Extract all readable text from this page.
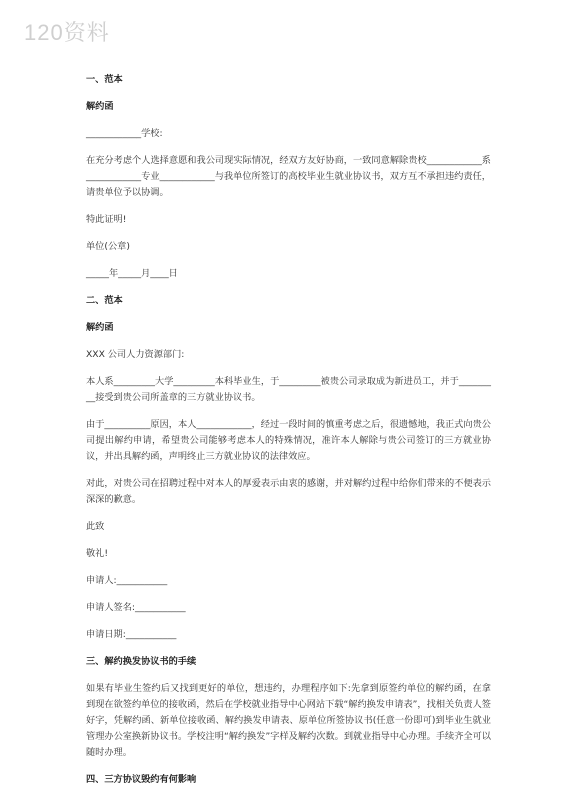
120资料
一、范本
解约函
____________学校:
在充分考虑个人选择意愿和我公司现实际情况，经双方友好协商，一致同意解除贵校____________系____________专业____________与我单位所签订的高校毕业生就业协议书，双方互不承担违约责任，请贵单位予以协调。
特此证明!
单位(公章)
_____年_____月____日
二、范本
解约函
XXX 公司人力资源部门:
本人系_________大学_________本科毕业生，于_________被贵公司录取成为新进员工，并于_________接受到贵公司所盖章的三方就业协议书。
由于__________原因，本人____________，经过一段时间的慎重考虑之后，很遗憾地，我正式向贵公司提出解约申请，希望贵公司能够考虑本人的特殊情况，准许本人解除与贵公司签订的三方就业协议，并出具解约函，声明终止三方就业协议的法律效应。
对此，对贵公司在招聘过程中对本人的厚爱表示由衷的感谢，并对解约过程中给你们带来的不便表示深深的歉意。
此致
敬礼!
申请人:___________
申请人签名:___________
申请日期:___________
三、解约换发协议书的手续
如果有毕业生签约后又找到更好的单位，想违约，办理程序如下:先拿到原签约单位的解约函，在拿到现在欲签约单位的接收函，然后在学校就业指导中心网站下载“解约换发申请表”，找相关负责人签好字，凭解约函、新单位接收函、解约换发申请表、原单位所签协议书(任意一份即可)到毕业生就业管理办公室换新协议书。学校注明“解约换发”字样及解约次数。到就业指导中心办理。手续齐全可以随时办理。
四、三方协议毁约有何影响
